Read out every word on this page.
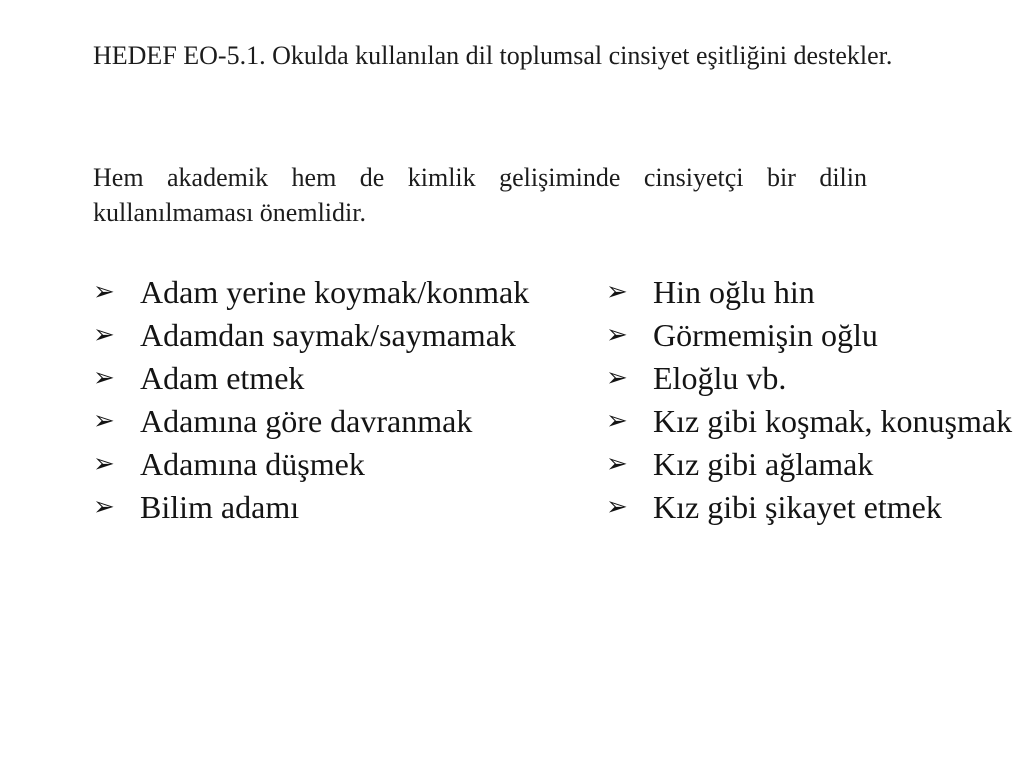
HEDEF EO-5.1. Okulda kullanılan dil toplumsal cinsiyet eşitliğini destekler.
Hem akademik hem de kimlik gelişiminde cinsiyetçi bir dilin kullanılmaması önemlidir.
➢ Adam yerine koymak/konmak
➢ Adamdan saymak/saymamak
➢ Adam etmek
➢ Adamına göre davranmak
➢ Adamına düşmek
➢ Bilim adamı
➢ Hin oğlu hin
➢ Görmemişin oğlu
➢ Eloğlu vb.
➢ Kız gibi koşmak, konuşmak
➢ Kız gibi ağlamak
➢ Kız gibi şikayet etmek
